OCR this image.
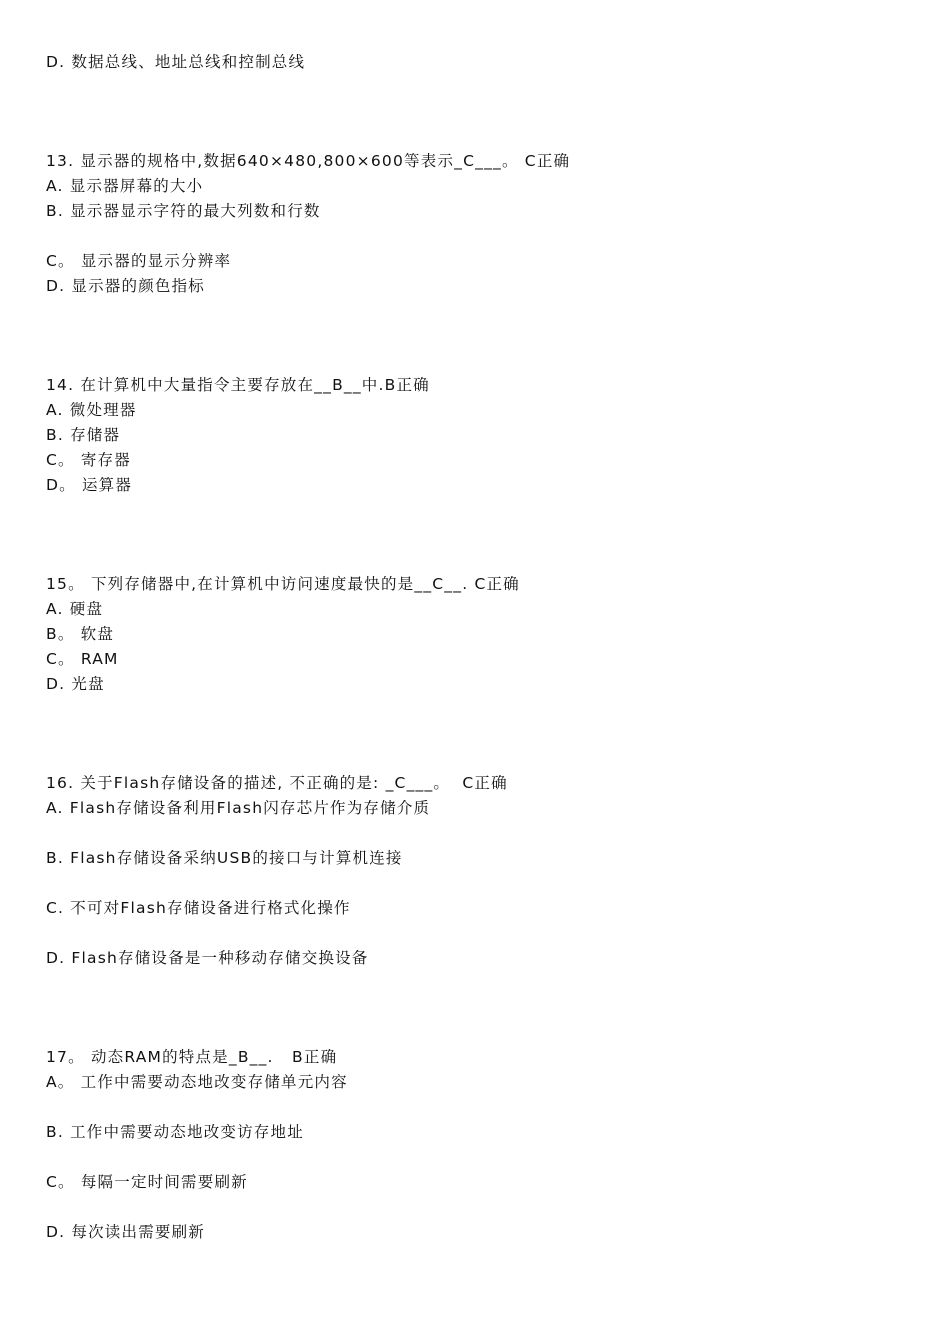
D. 数据总线、地址总线和控制总线
13. 显示器的规格中,数据640×480,800×600等表示_C___。 C正确
A. 显示器屏幕的大小
B. 显示器显示字符的最大列数和行数
C。 显示器的显示分辨率
D. 显示器的颜色指标
14. 在计算机中大量指令主要存放在__B__中.B正确
A. 微处理器
B. 存储器
C。 寄存器
D。 运算器
15。 下列存储器中,在计算机中访问速度最快的是__C__. C正确
A. 硬盘
B。 软盘
C。 RAM
D. 光盘
16. 关于Flash存储设备的描述, 不正确的是: _C___。  C正确
A. Flash存储设备利用Flash闪存芯片作为存储介质
B. Flash存储设备采纳USB的接口与计算机连接
C. 不可对Flash存储设备进行格式化操作
D. Flash存储设备是一种移动存储交换设备
17。 动态RAM的特点是_B__.   B正确
A。 工作中需要动态地改变存储单元内容
B. 工作中需要动态地改变访存地址
C。 每隔一定时间需要刷新
D. 每次读出需要刷新
